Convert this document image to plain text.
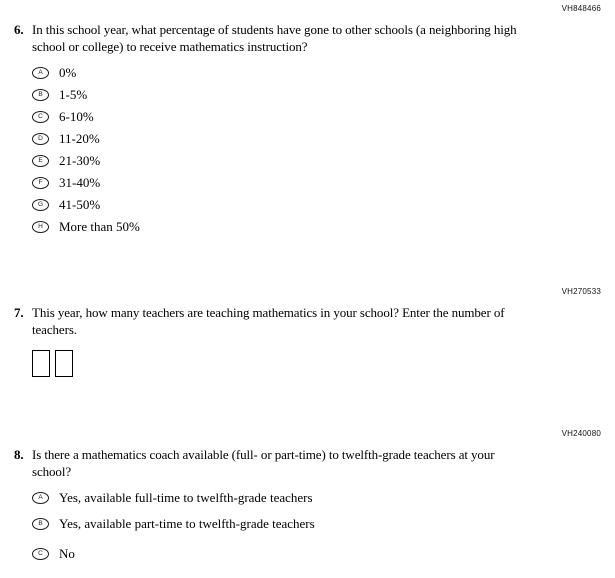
VH848466
6. In this school year, what percentage of students have gone to other schools (a neighboring high school or college) to receive mathematics instruction?
A 0%
B 1-5%
C 6-10%
D 11-20%
E 21-30%
F 31-40%
G 41-50%
H More than 50%
VH270533
7. This year, how many teachers are teaching mathematics in your school? Enter the number of teachers.
VH240080
8. Is there a mathematics coach available (full- or part-time) to twelfth-grade teachers at your school?
A Yes, available full-time to twelfth-grade teachers
B Yes, available part-time to twelfth-grade teachers
C No
